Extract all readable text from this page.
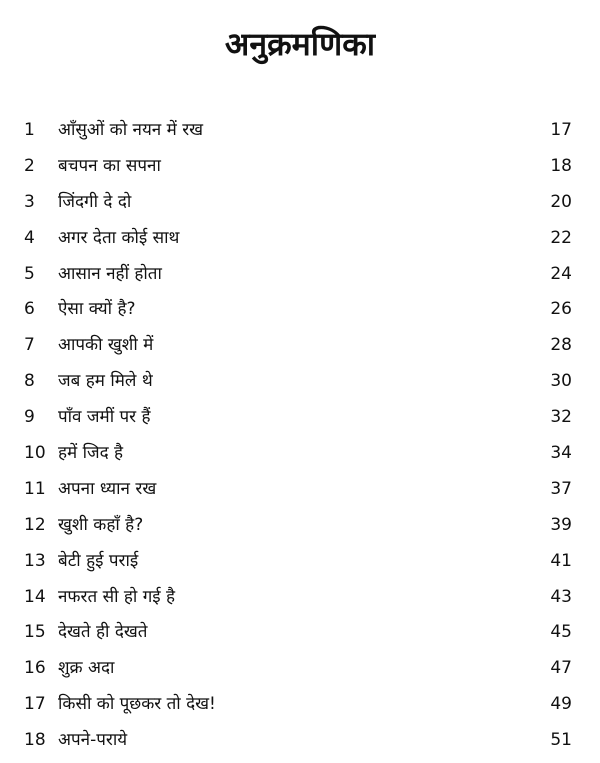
अनुक्रमणिका
1 आँसुओं को नयन में रख	17
2 बचपन का सपना	18
3 जिंदगी दे दो	20
4 अगर देता कोई साथ	22
5 आसान नहीं होता	24
6 ऐसा क्यों है?	26
7 आपकी खुशी में	28
8 जब हम मिले थे	30
9 पाँव जमीं पर हैं	32
10 हमें जिद है	34
11 अपना ध्यान रख	37
12 खुशी कहाँ है?	39
13 बेटी हुई पराई	41
14 नफरत सी हो गई है	43
15 देखते ही देखते	45
16 शुक्र अदा	47
17 किसी को पूछकर तो देख!	49
18 अपने-पराये	51
